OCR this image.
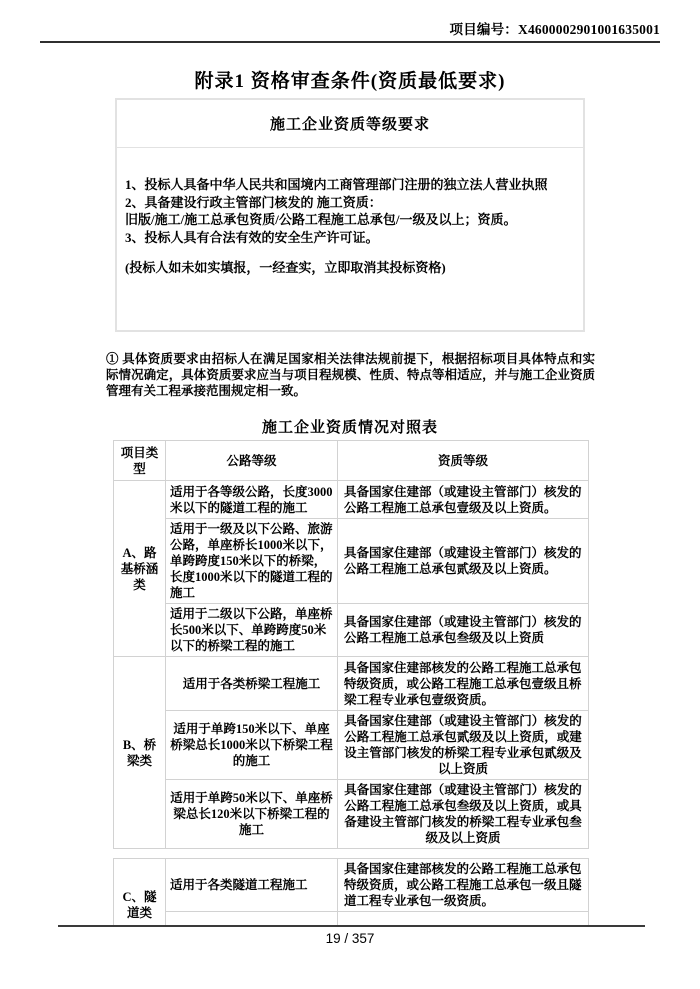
项目编号：X4600002901001635001
附录1 资格审查条件(资质最低要求)
施工企业资质等级要求
1、投标人具备中华人民共和国境内工商管理部门注册的独立法人营业执照
2、具备建设行政主管部门核发的 施工资质：
旧版/施工/施工总承包资质/公路工程施工总承包/一级及以上；资质。
3、投标人具有合法有效的安全生产许可证。
(投标人如未如实填报，一经查实，立即取消其投标资格)
① 具体资质要求由招标人在满足国家相关法律法规前提下，根据招标项目具体特点和实际情况确定，具体资质要求应当与项目程规模、性质、特点等相适应，并与施工企业资质管理有关工程承接范围规定相一致。
施工企业资质情况对照表
项目类型	公路等级	资质等级
A、路基桥涵类	适用于各等级公路，长度3000米以下的隧道工程的施工	具备国家住建部（或建设主管部门）核发的公路工程施工总承包壹级及以上资质。
	适用于一级及以下公路、旅游公路，单座桥长1000米以下，单跨跨度150米以下的桥梁，长度1000米以下的隧道工程的施工	具备国家住建部（或建设主管部门）核发的公路工程施工总承包贰级及以上资质。
	适用于二级以下公路，单座桥长500米以下、单跨跨度50米以下的桥梁工程的施工	具备国家住建部（或建设主管部门）核发的公路工程施工总承包叁级及以上资质
B、桥梁类	适用于各类桥梁工程施工	具备国家住建部核发的公路工程施工总承包特级资质，或公路工程施工总承包壹级且桥梁工程专业承包壹级资质。
	适用于单跨150米以下、单座桥梁总长1000米以下桥梁工程的施工	具备国家住建部（或建设主管部门）核发的公路工程施工总承包贰级及以上资质，或建设主管部门核发的桥梁工程专业承包贰级及以上资质
	适用于单跨50米以下、单座桥梁总长120米以下桥梁工程的施工	具备国家住建部（或建设主管部门）核发的公路工程施工总承包叁级及以上资质，或具备建设主管部门核发的桥梁工程专业承包叁级及以上资质
C、隧道类	适用于各类隧道工程施工	具备国家住建部核发的公路工程施工总承包特级资质，或公路工程施工总承包一级且隧道工程专业承包一级资质。

19 / 357
